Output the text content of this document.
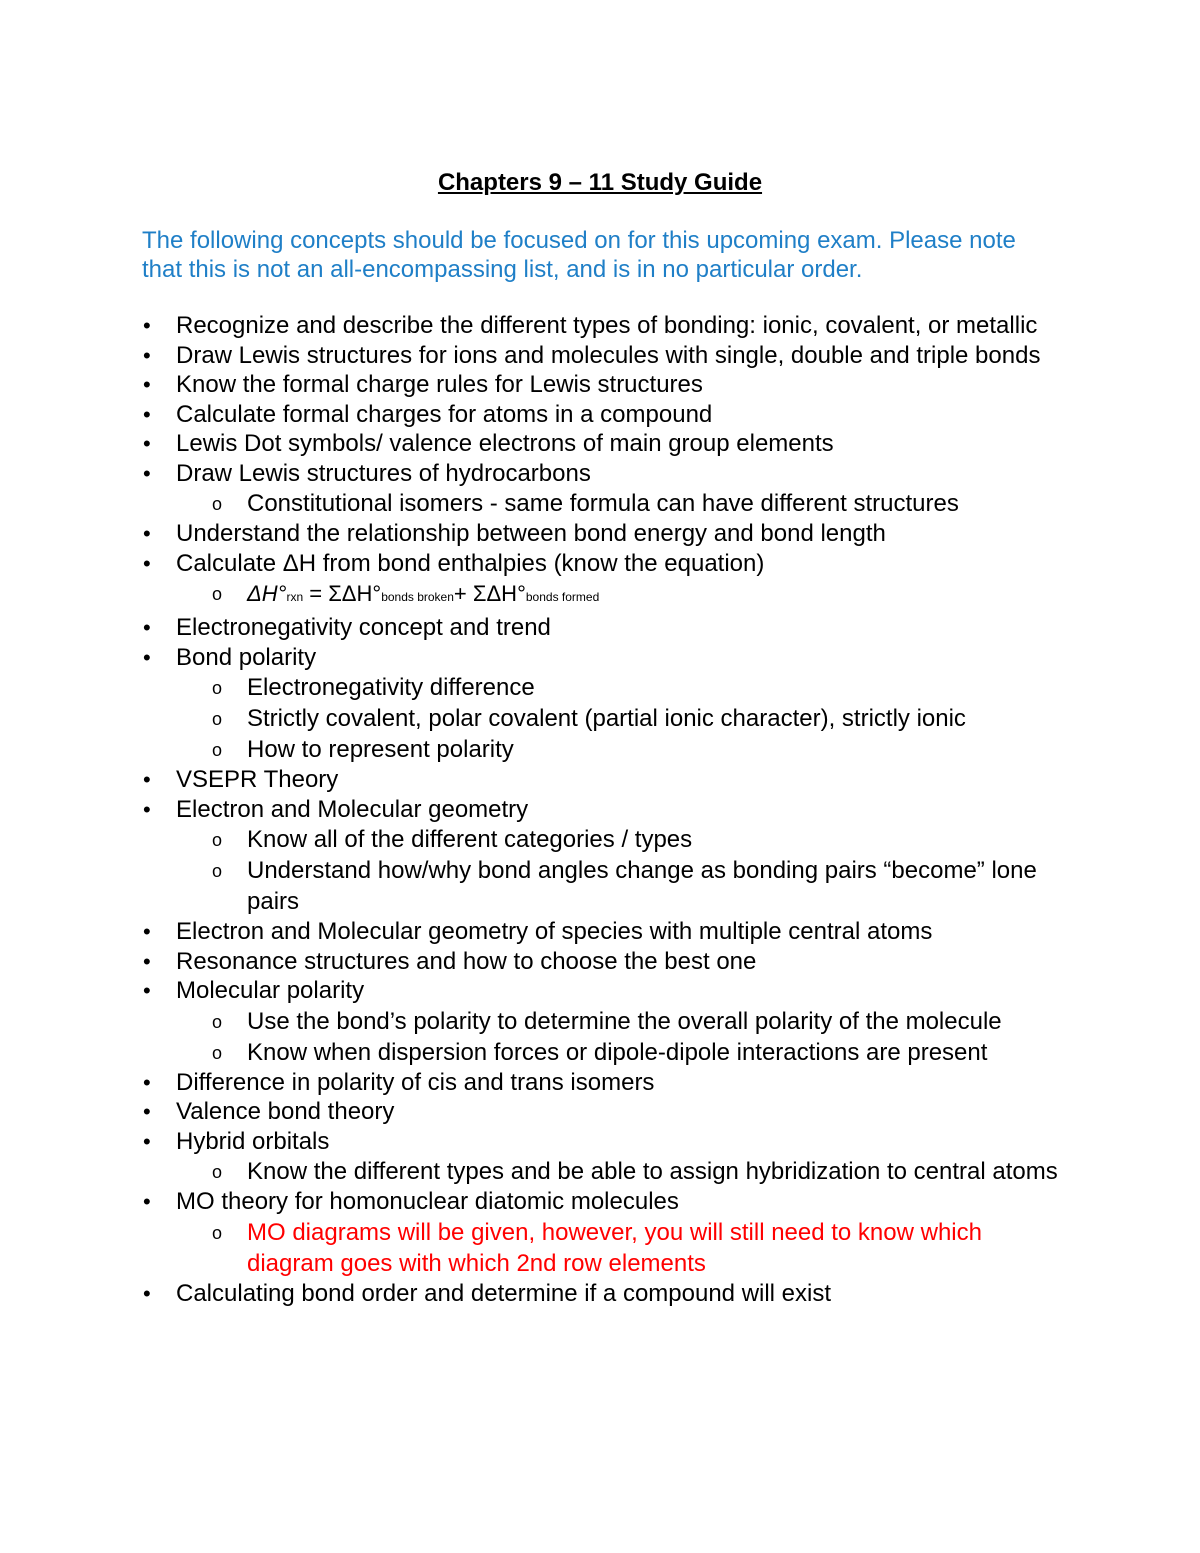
Chapters 9 – 11 Study Guide
The following concepts should be focused on for this upcoming exam. Please note that this is not an all-encompassing list, and is in no particular order.
• Recognize and describe the different types of bonding: ionic, covalent, or metallic
• Draw Lewis structures for ions and molecules with single, double and triple bonds
• Know the formal charge rules for Lewis structures
• Calculate formal charges for atoms in a compound
• Lewis Dot symbols/ valence electrons of main group elements
• Draw Lewis structures of hydrocarbons
o Constitutional isomers - same formula can have different structures
• Understand the relationship between bond energy and bond length
• Calculate ΔH from bond enthalpies (know the equation)
o ΔH°rxn = ΣΔH°bonds broken+ ΣΔH°bonds formed
• Electronegativity concept and trend
• Bond polarity
o Electronegativity difference
o Strictly covalent, polar covalent (partial ionic character), strictly ionic
o How to represent polarity
• VSEPR Theory
• Electron and Molecular geometry
o Know all of the different categories / types
o Understand how/why bond angles change as bonding pairs “become” lone pairs
• Electron and Molecular geometry of species with multiple central atoms
• Resonance structures and how to choose the best one
• Molecular polarity
o Use the bond’s polarity to determine the overall polarity of the molecule
o Know when dispersion forces or dipole-dipole interactions are present
• Difference in polarity of cis and trans isomers
• Valence bond theory
• Hybrid orbitals
o Know the different types and be able to assign hybridization to central atoms
• MO theory for homonuclear diatomic molecules
o MO diagrams will be given, however, you will still need to know which diagram goes with which 2nd row elements
• Calculating bond order and determine if a compound will exist
